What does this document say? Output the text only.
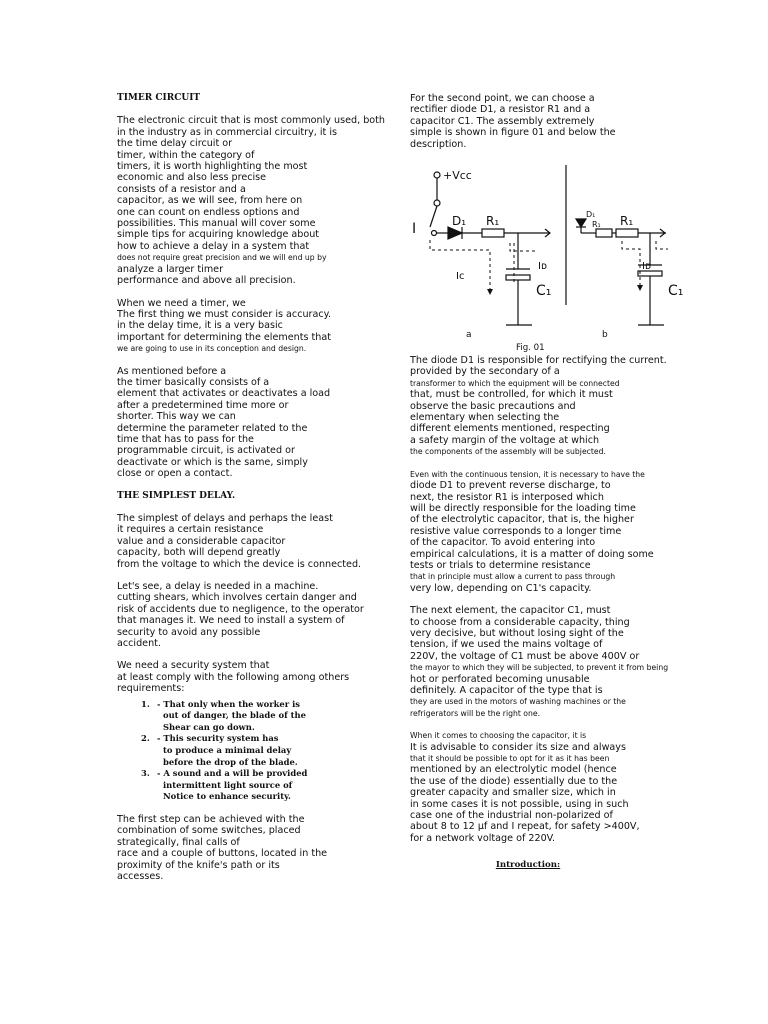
TIMER CIRCUIT
The electronic circuit that is most commonly used, both
in the industry as in commercial circuitry, it is
the time delay circuit or
timer, within the category of
timers, it is worth highlighting the most
economic and also less precise
consists of a resistor and a
capacitor, as we will see, from here on
one can count on endless options and
possibilities. This manual will cover some
simple tips for acquiring knowledge about
how to achieve a delay in a system that
does not require great precision and we will end up by
analyze a larger timer
performance and above all precision.
When we need a timer, we
The first thing we must consider is accuracy.
in the delay time, it is a very basic
important for determining the elements that
we are going to use in its conception and design.
As mentioned before a
the timer basically consists of a
element that activates or deactivates a load
after a predetermined time more or
shorter. This way we can
determine the parameter related to the
time that has to pass for the
programmable circuit, is activated or
deactivate or which is the same, simply
close or open a contact.
THE SIMPLEST DELAY.
The simplest of delays and perhaps the least
it requires a certain resistance
value and a considerable capacitor
capacity, both will depend greatly
from the voltage to which the device is connected.
Let's see, a delay is needed in a machine.
cutting shears, which involves certain danger and
risk of accidents due to negligence, to the operator
that manages it. We need to install a system of
security to avoid any possible
accident.
We need a security system that
at least comply with the following among others
requirements:
1. - That only when the worker is
out of danger, the blade of the
Shear can go down.
2. - This security system has
to produce a minimal delay
before the drop of the blade.
3. - A sound and a will be provided
intermittent light source of
Notice to enhance security.
The first step can be achieved with the
combination of some switches, placed
strategically, final calls of
race and a couple of buttons, located in the
proximity of the knife's path or its
accesses.
For the second point, we can choose a
rectifier diode D1, a resistor R1 and a
capacitor C1. The assembly extremely
simple is shown in figure 01 and below the
description.
+Vcc
I	D₁ R₁
Iᴄ
Iᴅ
C₁
a
D₁
R₁ R₁
Iᴅ
C₁
b
Fig. 01
The diode D1 is responsible for rectifying the current.
provided by the secondary of a
transformer to which the equipment will be connected
that, must be controlled, for which it must
observe the basic precautions and
elementary when selecting the
different elements mentioned, respecting
a safety margin of the voltage at which
the components of the assembly will be subjected.
Even with the continuous tension, it is necessary to have the
diode D1 to prevent reverse discharge, to
next, the resistor R1 is interposed which
will be directly responsible for the loading time
of the electrolytic capacitor, that is, the higher
resistive value corresponds to a longer time
of the capacitor. To avoid entering into
empirical calculations, it is a matter of doing some
tests or trials to determine resistance
that in principle must allow a current to pass through
very low, depending on C1's capacity.
The next element, the capacitor C1, must
to choose from a considerable capacity, thing
very decisive, but without losing sight of the
tension, if we used the mains voltage of
220V, the voltage of C1 must be above 400V or
the mayor to which they will be subjected, to prevent it from being
hot or perforated becoming unusable
definitely. A capacitor of the type that is
they are used in the motors of washing machines or the
refrigerators will be the right one.
When it comes to choosing the capacitor, it is
It is advisable to consider its size and always
that it should be possible to opt for it as it has been
mentioned by an electrolytic model (hence
the use of the diode) essentially due to the
greater capacity and smaller size, which in
in some cases it is not possible, using in such
case one of the industrial non-polarized of
about 8 to 12 µf and I repeat, for safety >400V,
for a network voltage of 220V.
Introduction:
